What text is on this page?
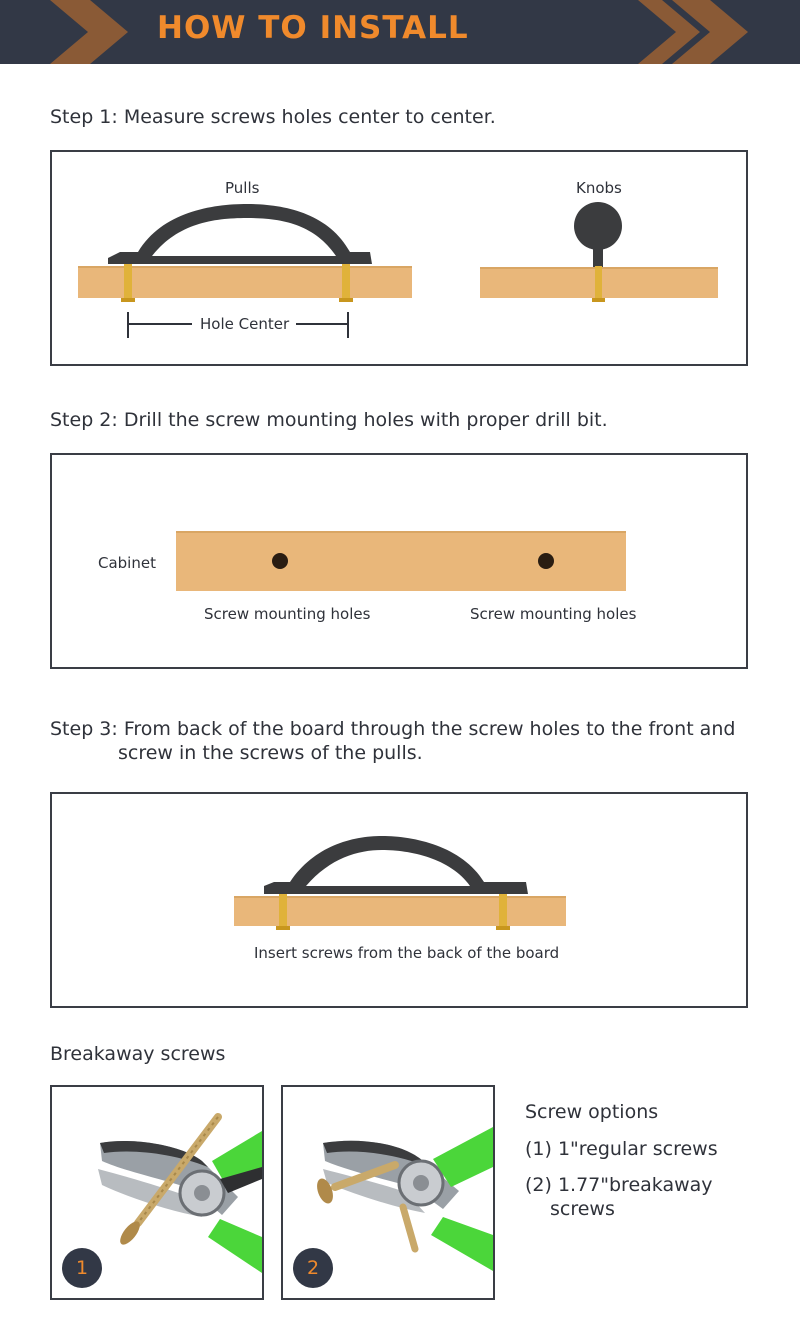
HOW TO INSTALL
Step 1: Measure screws holes center to center.
Pulls	Knobs
Hole Center
Step 2: Drill the screw mounting holes with proper drill bit.
Cabinet
Screw mounting holes	Screw mounting holes
Step 3: From back of the board through the screw holes to the front and
screw in the screws of the pulls.
Insert screws from the back of the board
Breakaway screws
1	2
Screw options
(1) 1"regular screws
(2) 1.77"breakaway
screws
